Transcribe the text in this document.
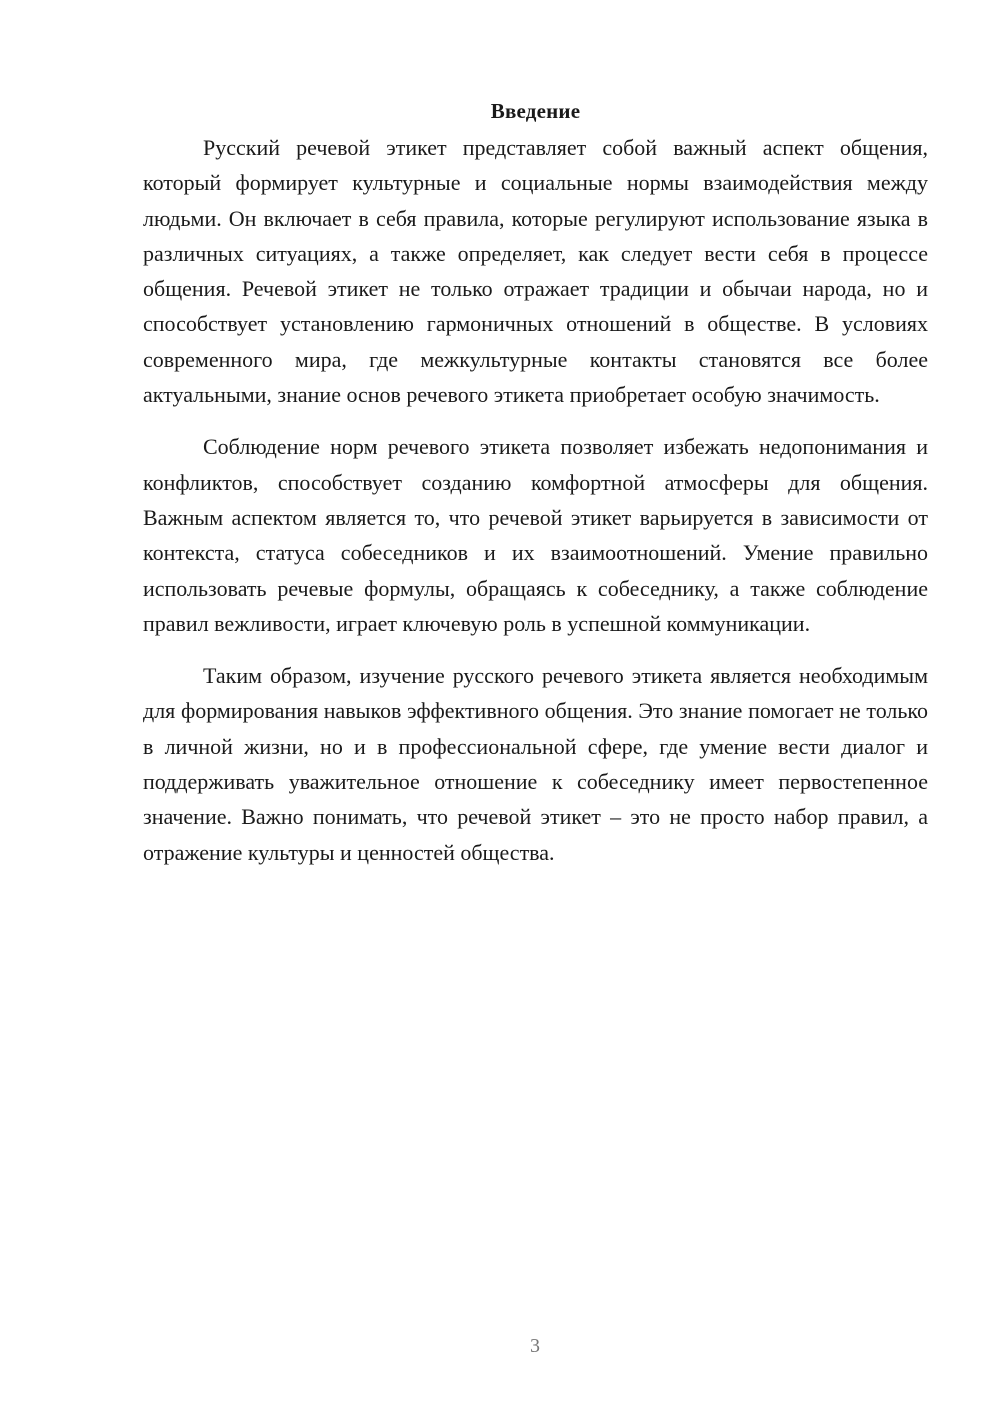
Введение

Русский речевой этикет представляет собой важный аспект общения, который формирует культурные и социальные нормы взаимодействия между людьми. Он включает в себя правила, которые регулируют использование языка в различных ситуациях, а также определяет, как следует вести себя в процессе общения. Речевой этикет не только отражает традиции и обычаи народа, но и способствует установлению гармоничных отношений в обществе. В условиях современного мира, где межкультурные контакты становятся все более актуальными, знание основ речевого этикета приобретает особую значимость.

Соблюдение норм речевого этикета позволяет избежать недопонимания и конфликтов, способствует созданию комфортной атмосферы для общения. Важным аспектом является то, что речевой этикет варьируется в зависимости от контекста, статуса собеседников и их взаимоотношений. Умение правильно использовать речевые формулы, обращаясь к собеседнику, а также соблюдение правил вежливости, играет ключевую роль в успешной коммуникации.

Таким образом, изучение русского речевого этикета является необходимым для формирования навыков эффективного общения. Это знание помогает не только в личной жизни, но и в профессиональной сфере, где умение вести диалог и поддерживать уважительное отношение к собеседнику имеет первостепенное значение. Важно понимать, что речевой этикет – это не просто набор правил, а отражение культуры и ценностей общества.

3
